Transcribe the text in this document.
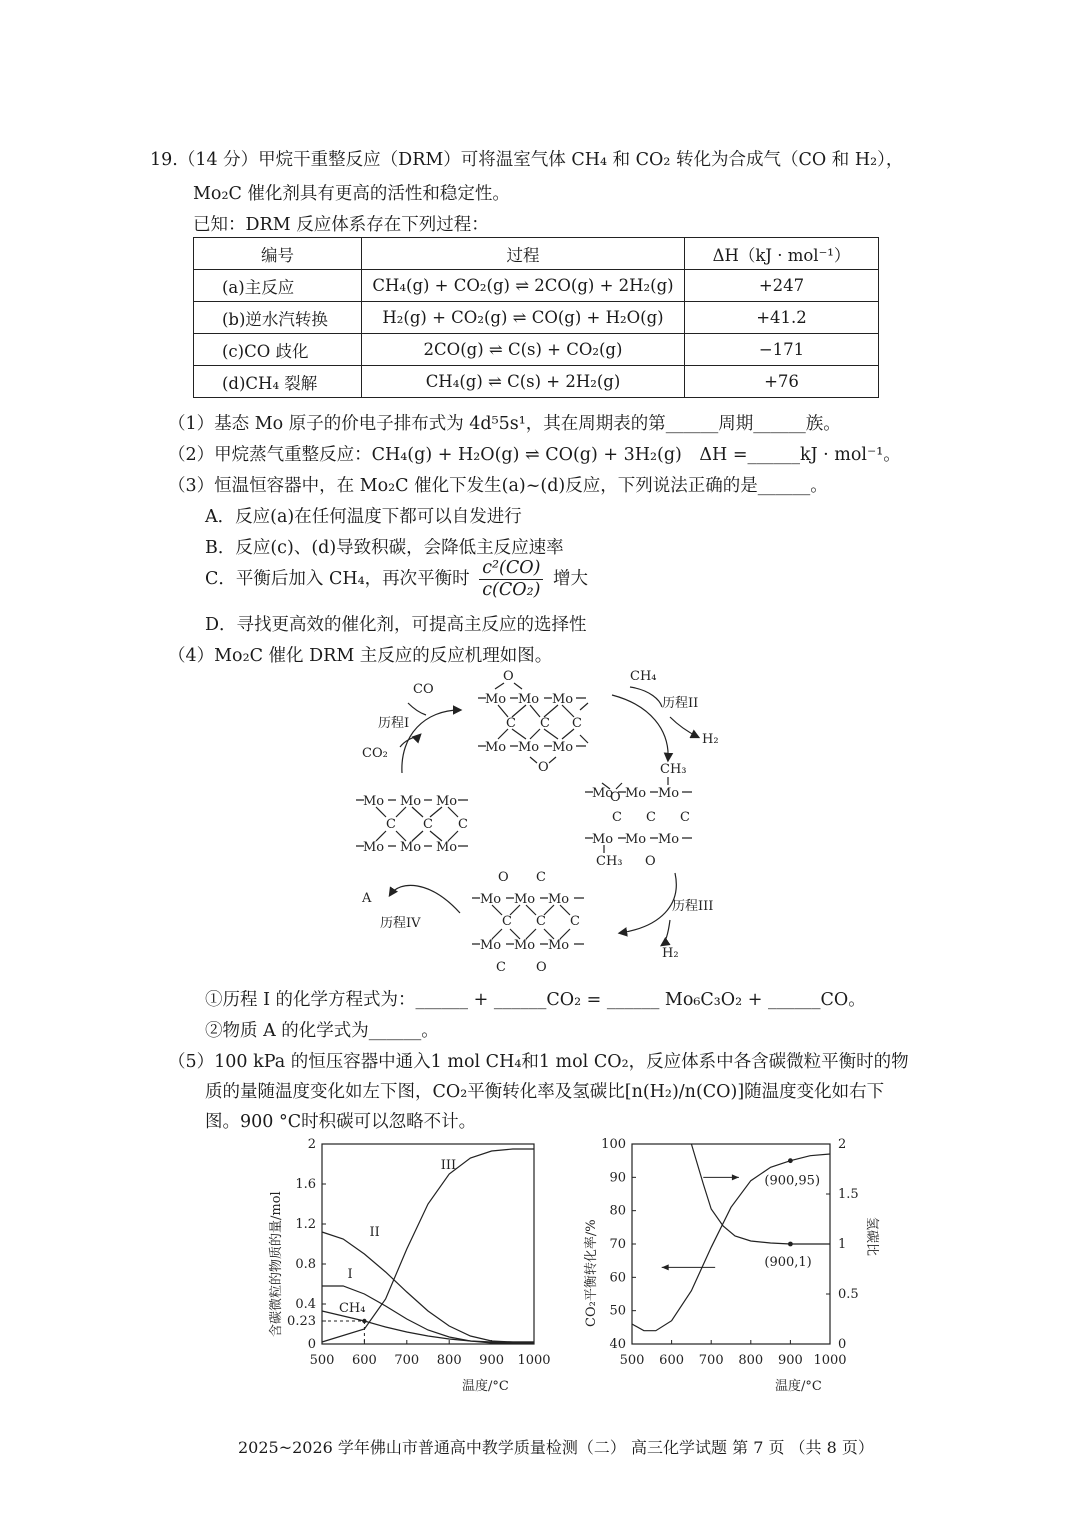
19.（14 分）甲烷干重整反应（DRM）可将温室气体 CH₄ 和 CO₂ 转化为合成气（CO 和 H₂），
Mo₂C 催化剂具有更高的活性和稳定性。
已知：DRM 反应体系存在下列过程：
编号	过程	ΔH（kJ · mol⁻¹）
(a)主反应	CH₄(g) + CO₂(g) ⇌ 2CO(g) + 2H₂(g)	+247
(b)逆水汽转换	H₂(g) + CO₂(g) ⇌ CO(g) + H₂O(g)	+41.2
(c)CO 歧化	2CO(g) ⇌ C(s) + CO₂(g)	−171
(d)CH₄ 裂解	CH₄(g) ⇌ C(s) + 2H₂(g)	+76
（1）基态 Mo 原子的价电子排布式为 4d⁵5s¹，其在周期表的第______周期______族。
（2）甲烷蒸气重整反应：CH₄(g) + H₂O(g) ⇌ CO(g) + 3H₂(g)　ΔH =______kJ · mol⁻¹。
（3）恒温恒容器中，在 Mo₂C 催化下发生(a)~(d)反应，下列说法正确的是______。
A．反应(a)在任何温度下都可以自发进行
B．反应(c)、(d)导致积碳，会降低主反应速率
C．平衡后加入 CH₄，再次平衡时 $\frac{\text{c²(CO)}}{\text{c(CO₂)}}$ 增大
D．寻找更高效的催化剂，可提高主反应的选择性
（4）Mo₂C 催化 DRM 主反应的反应机理如图。
O
Mo Mo Mo
C C C
Mo Mo Mo
O
O
CH₃
Mo Mo Mo
C C C
Mo Mo Mo
CH₃ O
Mo Mo Mo
C C C
Mo Mo Mo
O C
Mo Mo Mo
C C C
Mo Mo Mo
C O
CO
CO₂
历程I
CH₄
历程II
H₂
历程III
H₂
A
历程IV
①历程 I 的化学方程式为：______ + ______CO₂ = ______ Mo₆C₃O₂ + ______CO。
②物质 A 的化学式为______。
（5）100 kPa 的恒压容器中通入1 mol CH₄和1 mol CO₂，反应体系中各含碳微粒平衡时的物
质的量随温度变化如左下图，CO₂平衡转化率及氢碳比[n(H₂)/n(CO)]随温度变化如右下
图。900 °C时积碳可以忽略不计。
含碳微粒的物质的量/mol
温度/°C
500 600 700 800 900 1000
0
0.23
0.4
0.8
1.2
1.6
2
III
II
I
CH₄	CO₂平衡转化率/%	氢碳比
温度/°C
500 600 700 800 900 1000
40
50
60
70
80
90
100
0
0.5
1
1.5
2
(900,95)
(900,1)
2025~2026 学年佛山市普通高中教学质量检测（二） 高三化学试题 第 7 页 （共 8 页）
